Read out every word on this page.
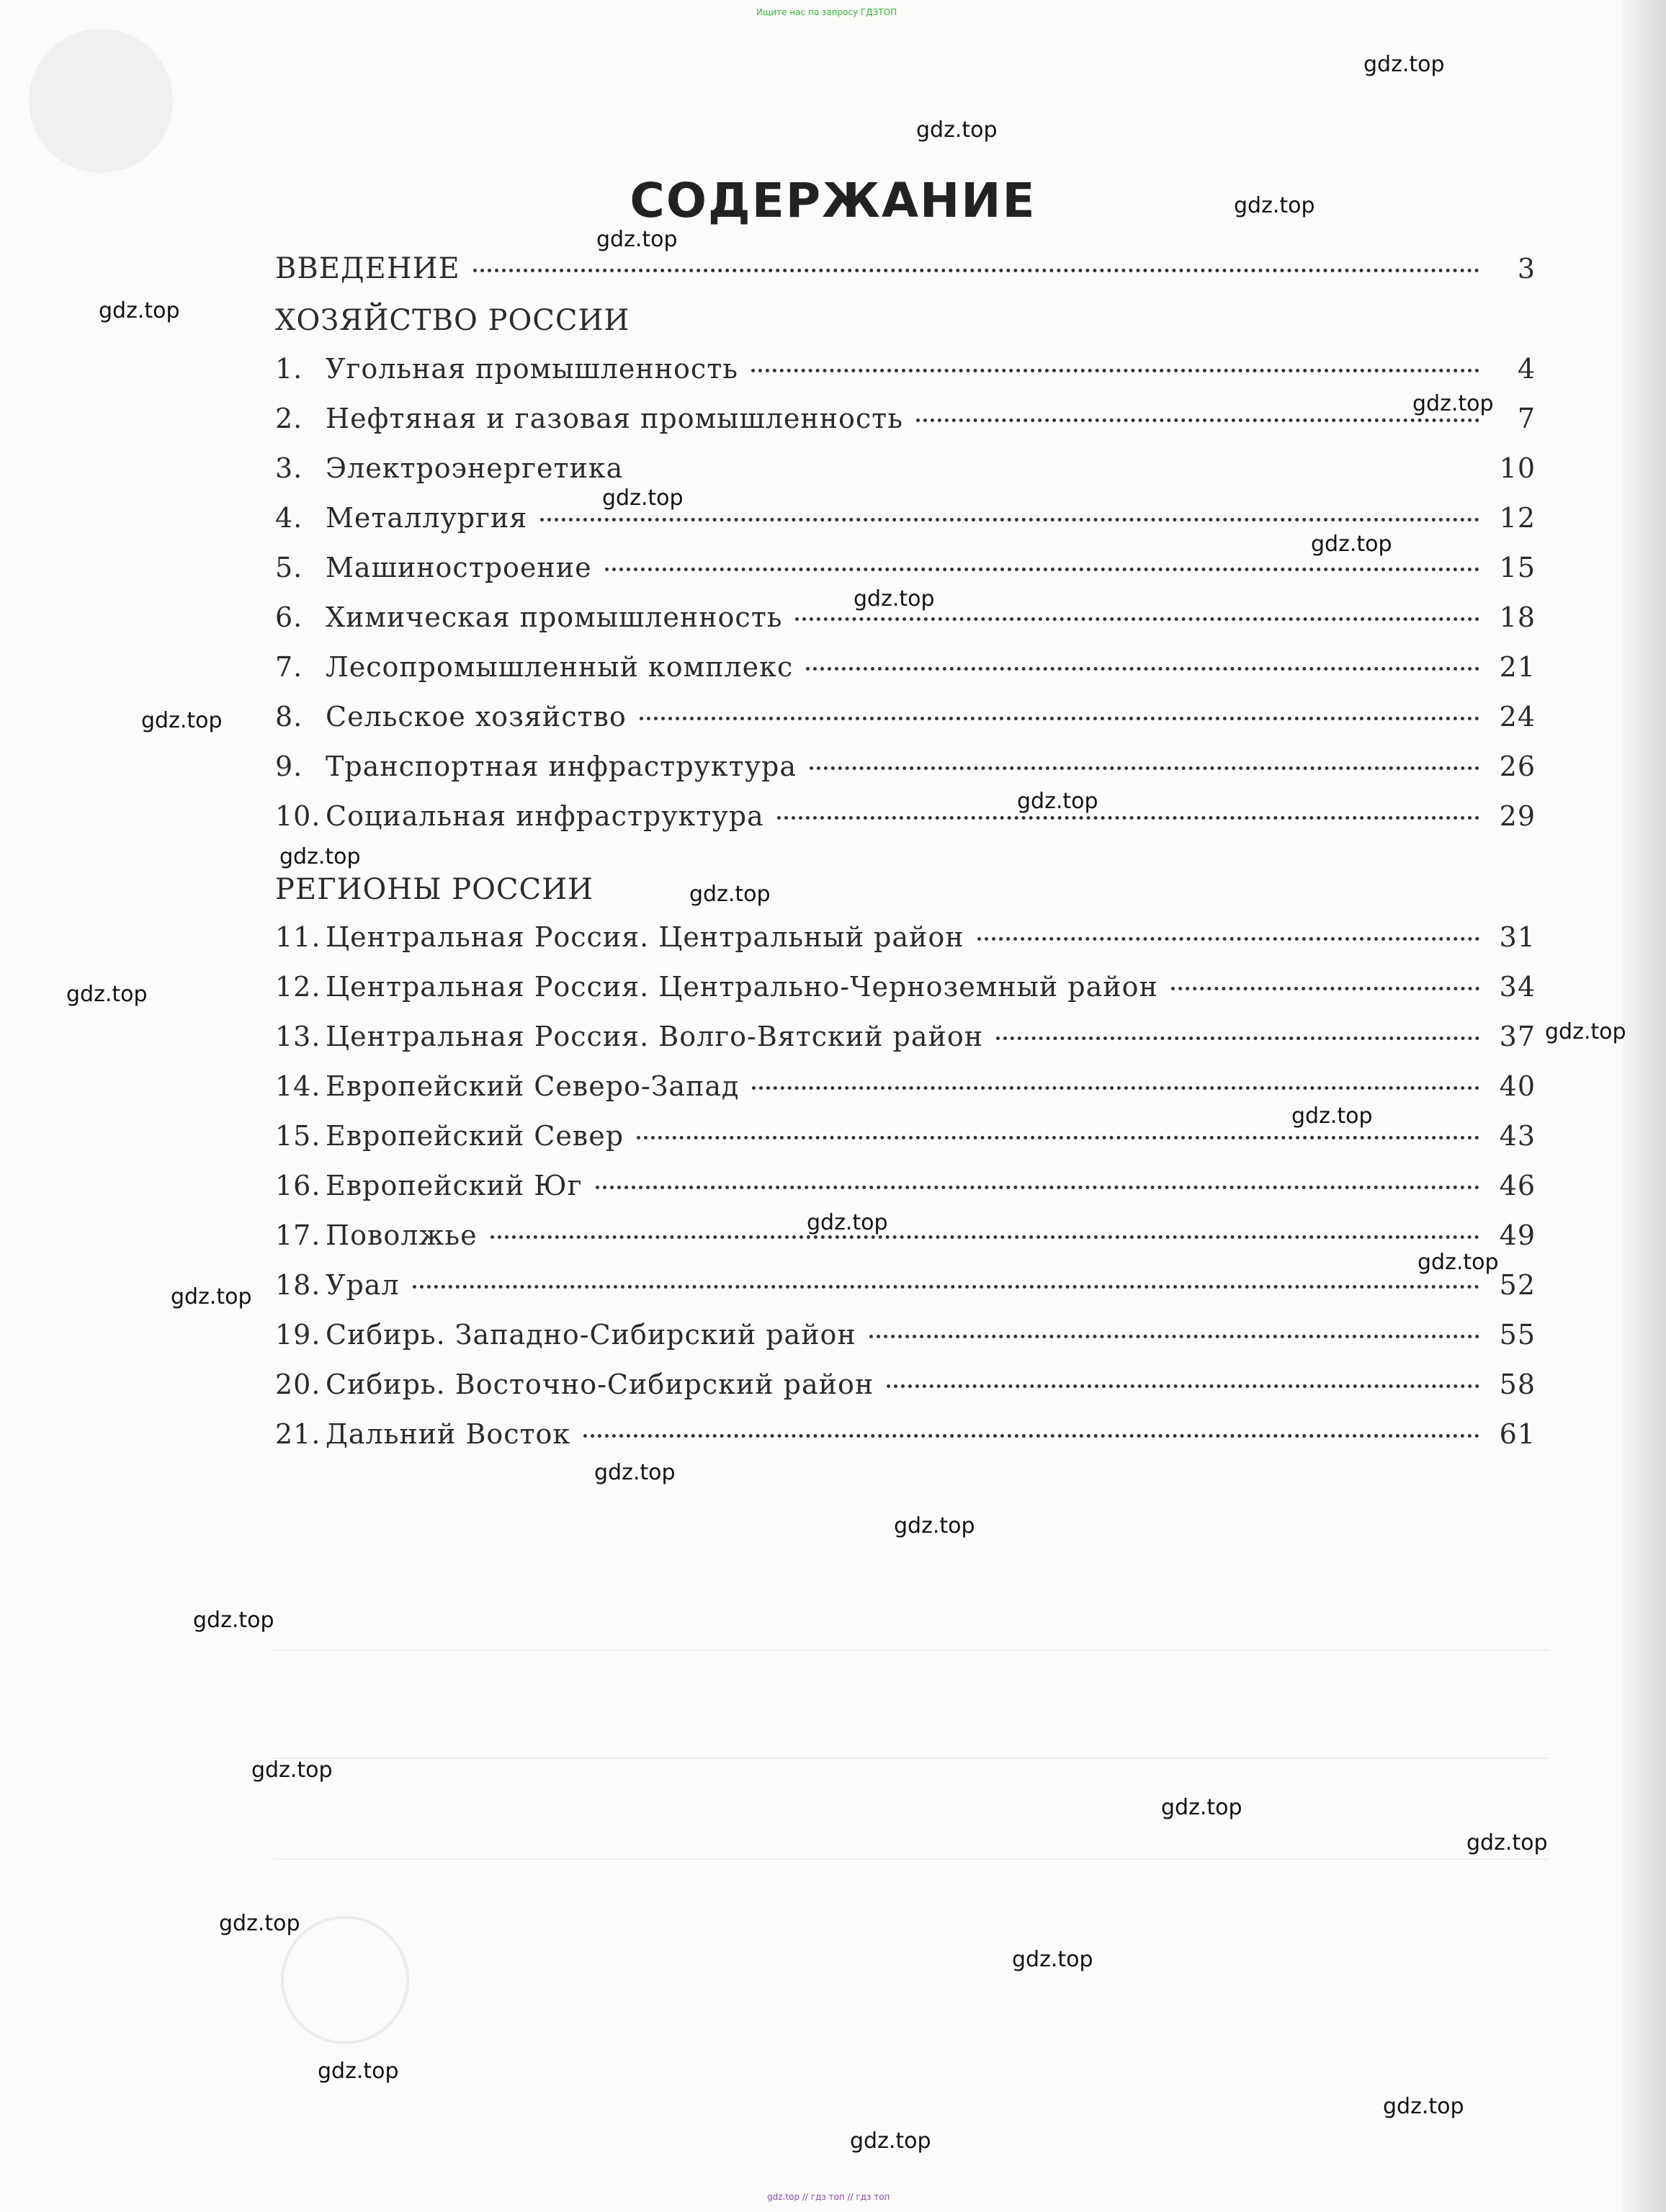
Ищите нас по запросу ГДЗТОП
СОДЕРЖАНИЕ
ВВЕДЕНИЕ	3
ХОЗЯЙСТВО РОССИИ
1. Угольная промышленность	4
2. Нефтяная и газовая промышленность	7
3. Электроэнергетика	10
4. Металлургия	12
5. Машиностроение	15
6. Химическая промышленность	18
7. Лесопромышленный комплекс	21
8. Сельское хозяйство	24
9. Транспортная инфраструктура	26
10. Социальная инфраструктура	29
РЕГИОНЫ РОССИИ
11. Центральная Россия. Центральный район	31
12. Центральная Россия. Центрально-Черноземный район	34
13. Центральная Россия. Волго-Вятский район	37
14. Европейский Северо-Запад	40
15. Европейский Север	43
16. Европейский Юг	46
17. Поволжье	49
18. Урал	52
19. Сибирь. Западно-Сибирский район	55
20. Сибирь. Восточно-Сибирский район	58
21. Дальний Восток	61
gdz.top
gdz.top
gdz.top
gdz.top
gdz.top
gdz.top
gdz.top
gdz.top
gdz.top
gdz.top
gdz.top
gdz.top
gdz.top
gdz.top
gdz.top
gdz.top
gdz.top
gdz.top
gdz.top
gdz.top
gdz.top
gdz.top
gdz.top
gdz.top
gdz.top
gdz.top
gdz.top
gdz.top
gdz.top
gdz.top
gdz.top // гдз топ // гдз топ
